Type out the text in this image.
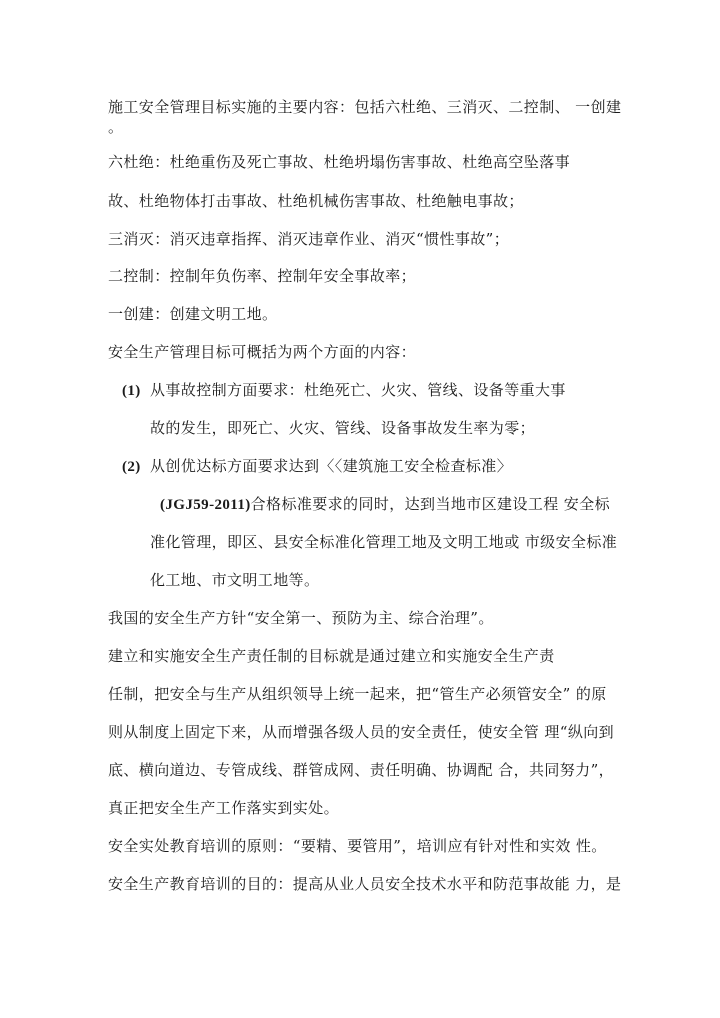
施工安全管理目标实施的主要内容：包括六杜绝、三消灭、二控制、 一创建
。
六杜绝：杜绝重伤及死亡事故、杜绝坍塌伤害事故、杜绝高空坠落事
故、杜绝物体打击事故、杜绝机械伤害事故、杜绝触电事故；
三消灭：消灭违章指挥、消灭违章作业、消灭“惯性事故”；
二控制：控制年负伤率、控制年安全事故率；
一创建：创建文明工地。
安全生产管理目标可概括为两个方面的内容：
(1) 从事故控制方面要求：杜绝死亡、火灾、管线、设备等重大事
故的发生，即死亡、火灾、管线、设备事故发生率为零；
(2) 从创优达标方面要求达到〈〈建筑施工安全检查标准〉
(JGJ59-2011)合格标准要求的同时，达到当地市区建设工程 安全标
准化管理，即区、县安全标准化管理工地及文明工地或 市级安全标准
化工地、市文明工地等。
我国的安全生产方针“安全第一、预防为主、综合治理”。
建立和实施安全生产责任制的目标就是通过建立和实施安全生产责
任制，把安全与生产从组织领导上统一起来，把“管生产必须管安全” 的原
则从制度上固定下来，从而增强各级人员的安全责任，使安全管 理“纵向到
底、横向道边、专管成线、群管成网、责任明确、协调配 合，共同努力”，
真正把安全生产工作落实到实处。
安全实处教育培训的原则：“要精、要管用”，培训应有针对性和实效 性。
安全生产教育培训的目的：提高从业人员安全技术水平和防范事故能 力，是
